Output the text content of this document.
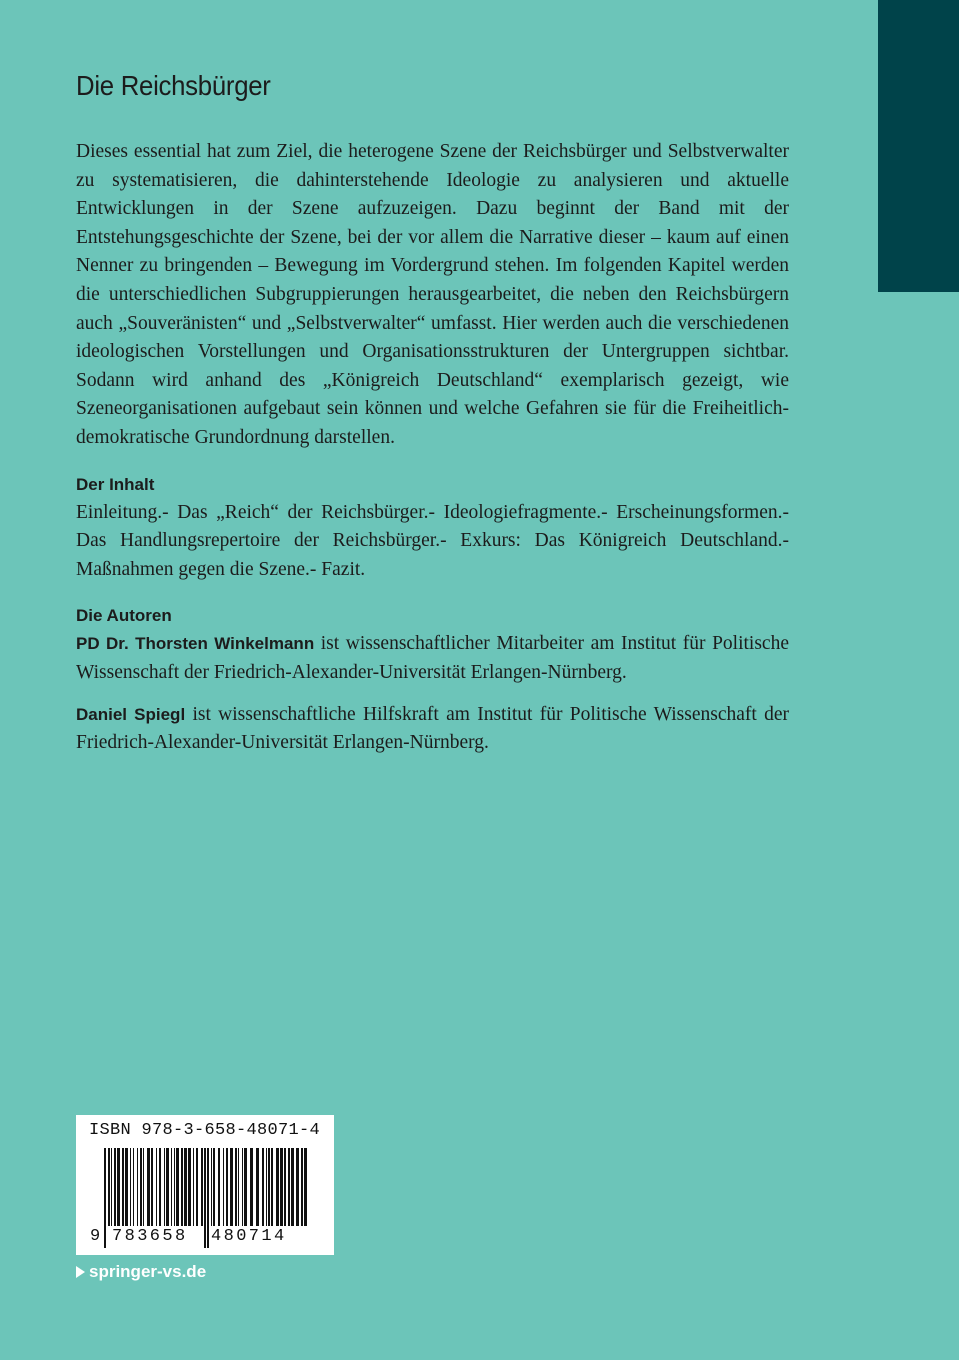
Die Reichsbürger

Dieses essential hat zum Ziel, die heterogene Szene der Reichsbürger und Selbstverwalter zu systematisieren, die dahinterstehende Ideologie zu analysieren und aktuelle Entwicklungen in der Szene aufzuzeigen. Dazu beginnt der Band mit der Entstehungsgeschichte der Szene, bei der vor allem die Narrative dieser – kaum auf einen Nenner zu bringenden – Bewegung im Vordergrund stehen. Im folgenden Kapitel werden die unterschiedlichen Subgruppierungen herausgearbeitet, die neben den Reichsbürgern auch „Souveränisten“ und „Selbstverwalter“ umfasst. Hier werden auch die verschiedenen ideologischen Vorstellungen und Organisationsstrukturen der Untergruppen sichtbar. Sodann wird anhand des „Königreich Deutschland“ exemplarisch gezeigt, wie Szeneorganisationen aufgebaut sein können und welche Gefahren sie für die Freiheitlich-demokratische Grundordnung darstellen.

Der Inhalt

Einleitung.- Das „Reich“ der Reichsbürger.- Ideologiefragmente.- Erscheinungsformen.- Das Handlungsrepertoire der Reichsbürger.- Exkurs: Das Königreich Deutschland.- Maßnahmen gegen die Szene.- Fazit.

Die Autoren

PD Dr. Thorsten Winkelmann ist wissenschaftlicher Mitarbeiter am Institut für Politische Wissenschaft der Friedrich-Alexander-Universität Erlangen-Nürnberg.

Daniel Spiegl ist wissenschaftliche Hilfskraft am Institut für Politische Wissenschaft der Friedrich-Alexander-Universität Erlangen-Nürnberg.

ISBN 978-3-658-48071-4
9 783658	480714
springer-vs.de
